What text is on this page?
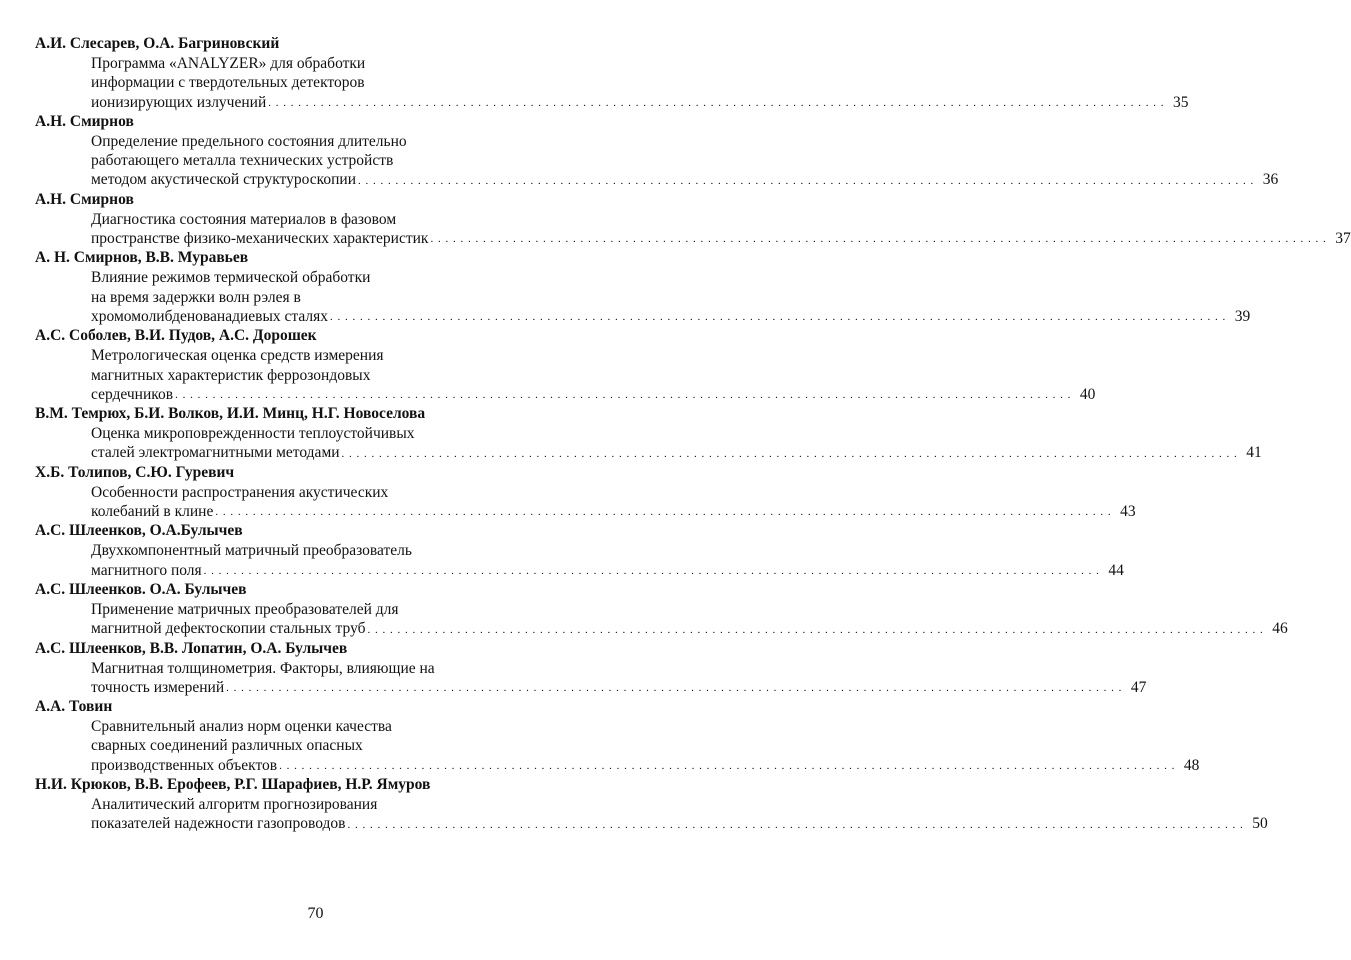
А.И. Слесарев, О.А. Багриновский
Программа «ANALYZER» для обработки
информации с твердотельных детекторов
ионизирующих излучений . . . . . . . . . . . . . . . . . . . . . . . . . . . . . . . . . . . . . . . . . . . . . . . . . . . . . . . . . . . . . . . . . . . . . . . . . . . . . . . . . . . . . . . . . . . . . . . . . . . . . . . . . . . . . . . . . . . . . . . . 35
А.Н. Смирнов
Определение предельного состояния длительно
работающего металла технических устройств
методом акустической структуроскопии . . . . . . . . . . . . . . . . . . . . . . . . . . . . . . . . . . . . . . . . . . . . . . . . . . . . . . . . . . . . . . . . . . . . . . . . . . . . . . . . . . . . . . . . . . . . . . . . . . . . . . . . . . . . . . . . . . . . . . . . 36
А.Н. Смирнов
Диагностика состояния материалов в фазовом
пространстве физико-механических характеристик . . . . . . . . . . . . . . . . . . . . . . . . . . . . . . . . . . . . . . . . . . . . . . . . . . . . . . . . . . . . . . . . . . . . . . . . . . . . . . . . . . . . . . . . . . . . . . . . . . . . . . . . . . . . . . . . . . . . . . . . 37
А. Н. Смирнов, В.В. Муравьев
Влияние режимов термической обработки
на время задержки волн рэлея в
хромомолибденованадиевых сталях . . . . . . . . . . . . . . . . . . . . . . . . . . . . . . . . . . . . . . . . . . . . . . . . . . . . . . . . . . . . . . . . . . . . . . . . . . . . . . . . . . . . . . . . . . . . . . . . . . . . . . . . . . . . . . . . . . . . . . . . 39
А.С. Соболев, В.И. Пудов, А.С. Дорошек
Метрологическая оценка средств измерения
магнитных характеристик феррозондовых
сердечников . . . . . . . . . . . . . . . . . . . . . . . . . . . . . . . . . . . . . . . . . . . . . . . . . . . . . . . . . . . . . . . . . . . . . . . . . . . . . . . . . . . . . . . . . . . . . . . . . . . . . . . . . . . . . . . . . . . . . . . . 40
В.М. Темрюх, Б.И. Волков, И.И. Минц, Н.Г. Новоселова
Оценка микроповрежденности теплоустойчивых
сталей электромагнитными методами . . . . . . . . . . . . . . . . . . . . . . . . . . . . . . . . . . . . . . . . . . . . . . . . . . . . . . . . . . . . . . . . . . . . . . . . . . . . . . . . . . . . . . . . . . . . . . . . . . . . . . . . . . . . . . . . . . . . . . . . 41
Х.Б. Толипов, С.Ю. Гуревич
Особенности распространения акустических
колебаний в клине . . . . . . . . . . . . . . . . . . . . . . . . . . . . . . . . . . . . . . . . . . . . . . . . . . . . . . . . . . . . . . . . . . . . . . . . . . . . . . . . . . . . . . . . . . . . . . . . . . . . . . . . . . . . . . . . . . . . . . . . 43
А.С. Шлеенков, О.А.Булычев
Двухкомпонентный матричный преобразователь
магнитного поля . . . . . . . . . . . . . . . . . . . . . . . . . . . . . . . . . . . . . . . . . . . . . . . . . . . . . . . . . . . . . . . . . . . . . . . . . . . . . . . . . . . . . . . . . . . . . . . . . . . . . . . . . . . . . . . . . . . . . . . . 44
А.С. Шлеенков. О.А. Булычев
Применение матричных преобразователей для
магнитной дефектоскопии стальных труб . . . . . . . . . . . . . . . . . . . . . . . . . . . . . . . . . . . . . . . . . . . . . . . . . . . . . . . . . . . . . . . . . . . . . . . . . . . . . . . . . . . . . . . . . . . . . . . . . . . . . . . . . . . . . . . . . . . . . . . . 46
А.С. Шлеенков, В.В. Лопатин, О.А. Булычев
Магнитная толщинометрия. Факторы, влияющие на
точность измерений . . . . . . . . . . . . . . . . . . . . . . . . . . . . . . . . . . . . . . . . . . . . . . . . . . . . . . . . . . . . . . . . . . . . . . . . . . . . . . . . . . . . . . . . . . . . . . . . . . . . . . . . . . . . . . . . . . . . . . . . 47
А.А. Товин
Сравнительный анализ норм оценки качества
сварных соединений различных опасных
производственных объектов . . . . . . . . . . . . . . . . . . . . . . . . . . . . . . . . . . . . . . . . . . . . . . . . . . . . . . . . . . . . . . . . . . . . . . . . . . . . . . . . . . . . . . . . . . . . . . . . . . . . . . . . . . . . . . . . . . . . . . . . 48
Н.И. Крюков, В.В. Ерофеев, Р.Г. Шарафиев, Н.Р. Ямуров
Аналитический алгоритм прогнозирования
показателей надежности газопроводов . . . . . . . . . . . . . . . . . . . . . . . . . . . . . . . . . . . . . . . . . . . . . . . . . . . . . . . . . . . . . . . . . . . . . . . . . . . . . . . . . . . . . . . . . . . . . . . . . . . . . . . . . . . . . . . . . . . . . . . . 50
70
